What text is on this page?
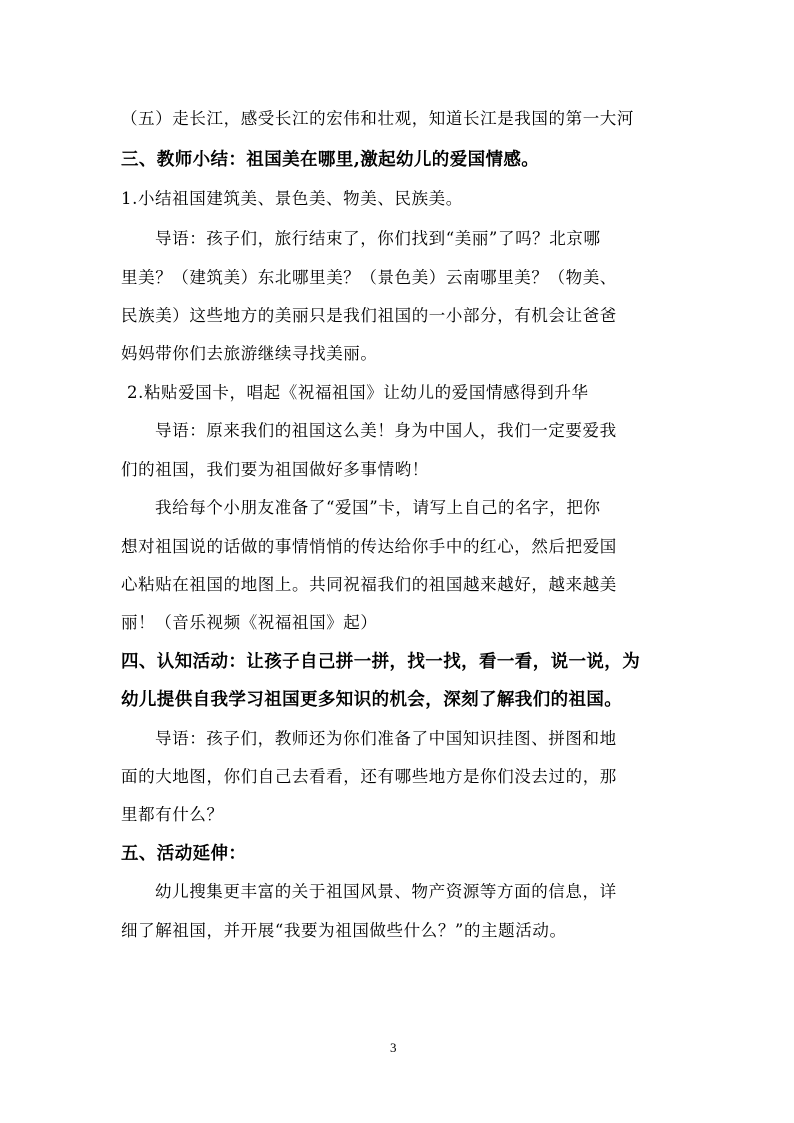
（五）走长江，感受长江的宏伟和壮观，知道长江是我国的第一大河
三、教师小结：祖国美在哪里,激起幼儿的爱国情感。
1.小结祖国建筑美、景色美、物美、民族美。
导语：孩子们，旅行结束了，你们找到“美丽”了吗？北京哪
里美？（建筑美）东北哪里美？（景色美）云南哪里美？（物美、
民族美）这些地方的美丽只是我们祖国的一小部分，有机会让爸爸
妈妈带你们去旅游继续寻找美丽。
2.粘贴爱国卡，唱起《祝福祖国》让幼儿的爱国情感得到升华
导语：原来我们的祖国这么美！身为中国人，我们一定要爱我
们的祖国，我们要为祖国做好多事情哟！
我给每个小朋友准备了“爱国”卡，请写上自己的名字，把你
想对祖国说的话做的事情悄悄的传达给你手中的红心，然后把爱国
心粘贴在祖国的地图上。共同祝福我们的祖国越来越好，越来越美
丽！（音乐视频《祝福祖国》起）
四、认知活动：让孩子自己拼一拼，找一找，看一看，说一说，为
幼儿提供自我学习祖国更多知识的机会，深刻了解我们的祖国。
导语：孩子们，教师还为你们准备了中国知识挂图、拼图和地
面的大地图，你们自己去看看，还有哪些地方是你们没去过的，那
里都有什么？
五、活动延伸：
幼儿搜集更丰富的关于祖国风景、物产资源等方面的信息，详
细了解祖国，并开展“我要为祖国做些什么？”的主题活动。
3
